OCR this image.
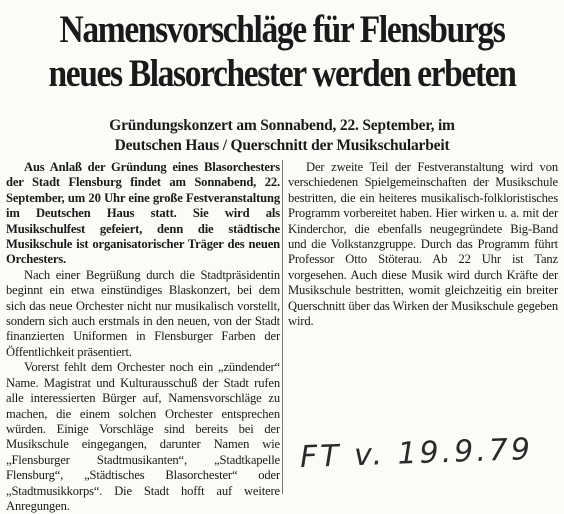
Namensvorschläge für Flensburgs
neues Blasorchester werden erbeten
Gründungskonzert am Sonnabend, 22. September, im
Deutschen Haus / Querschnitt der Musikschularbeit

Aus Anlaß der Gründung eines Blasorchesters der Stadt Flensburg findet am Sonnabend, 22. September, um 20 Uhr eine große Festveranstaltung im Deutschen Haus statt. Sie wird als Musikschulfest gefeiert, denn die städtische Musikschule ist organisatorischer Träger des neuen Orchesters.

Nach einer Begrüßung durch die Stadtpräsidentin beginnt ein etwa einstündiges Blaskonzert, bei dem sich das neue Orchester nicht nur musikalisch vorstellt, sondern sich auch erstmals in den neuen, von der Stadt finanzierten Uniformen in Flensburger Farben der Öffentlichkeit präsentiert.

Vorerst fehlt dem Orchester noch ein „zündender“ Name. Magistrat und Kulturausschuß der Stadt rufen alle interessierten Bürger auf, Namensvorschläge zu machen, die einem solchen Orchester entsprechen würden. Einige Vorschläge sind bereits bei der Musikschule eingegangen, darunter Namen wie „Flensburger Stadtmusikanten“, „Stadtkapelle Flensburg“, „Städtisches Blasorchester“ oder „Stadtmusikkorps“. Die Stadt hofft auf weitere Anregungen.

Der zweite Teil der Festveranstaltung wird von verschiedenen Spielgemeinschaften der Musikschule bestritten, die ein heiteres musikalisch-folkloristisches Programm vorbereitet haben. Hier wirken u. a. mit der Kinderchor, die ebenfalls neugegründete Big-Band und die Volkstanzgruppe. Durch das Programm führt Professor Otto Stöterau. Ab 22 Uhr ist Tanz vorgesehen. Auch diese Musik wird durch Kräfte der Musikschule bestritten, womit gleichzeitig ein breiter Querschnitt über das Wirken der Musikschule gegeben wird.

FT v. 19.9.79
